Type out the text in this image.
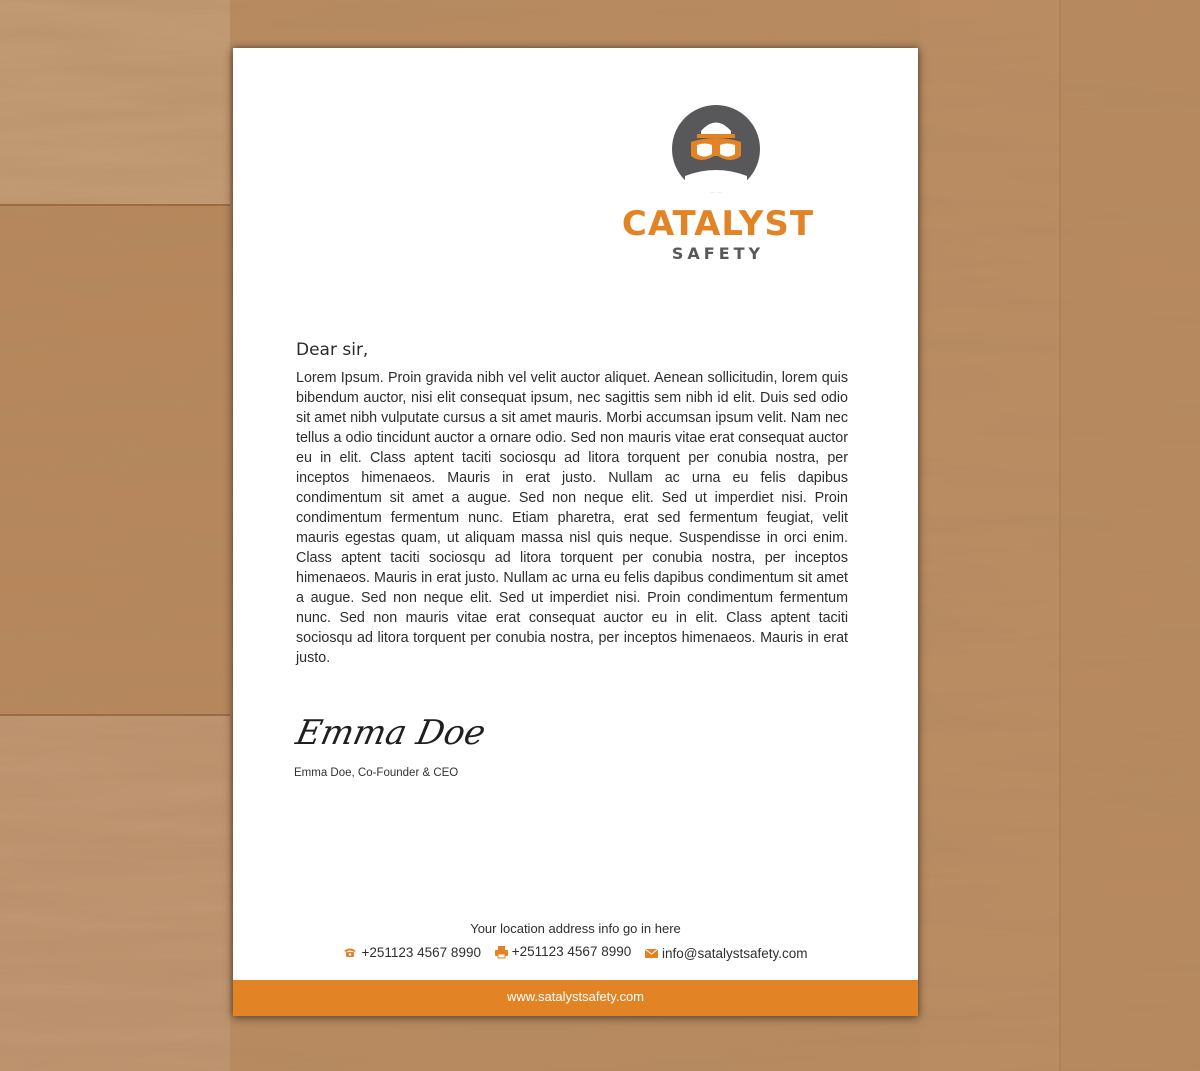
CATALYST
SAFETY
Dear sir,
Lorem Ipsum. Proin gravida nibh vel velit auctor aliquet. Aenean sollicitudin, lorem quis bibendum auctor, nisi elit consequat ipsum, nec sagittis sem nibh id elit. Duis sed odio sit amet nibh vulputate cursus a sit amet mauris. Morbi accumsan ipsum velit. Nam nec tellus a odio tincidunt auctor a ornare odio. Sed non mauris vitae erat consequat auctor eu in elit. Class aptent taciti sociosqu ad litora torquent per conubia nostra, per inceptos himenaeos. Mauris in erat justo. Nullam ac urna eu felis dapibus condimentum sit amet a augue. Sed non neque elit. Sed ut imperdiet nisi. Proin condimentum fermentum nunc. Etiam pharetra, erat sed fermentum feugiat, velit mauris egestas quam, ut aliquam massa nisl quis neque. Suspendisse in orci enim. Class aptent taciti sociosqu ad litora torquent per conubia nostra, per inceptos himenaeos. Mauris in erat justo. Nullam ac urna eu felis dapibus condimentum sit amet a augue. Sed non neque elit. Sed ut imperdiet nisi. Proin condimentum fermentum nunc. Sed non mauris vitae erat consequat auctor eu in elit. Class aptent taciti sociosqu ad litora torquent per conubia nostra, per inceptos himenaeos. Mauris in erat justo.
Emma Doe
Emma Doe, Co-Founder & CEO
Your location address info go in here
+251123 4567 8990
+251123 4567 8990
info@satalystsafety.com
www.satalystsafety.com
